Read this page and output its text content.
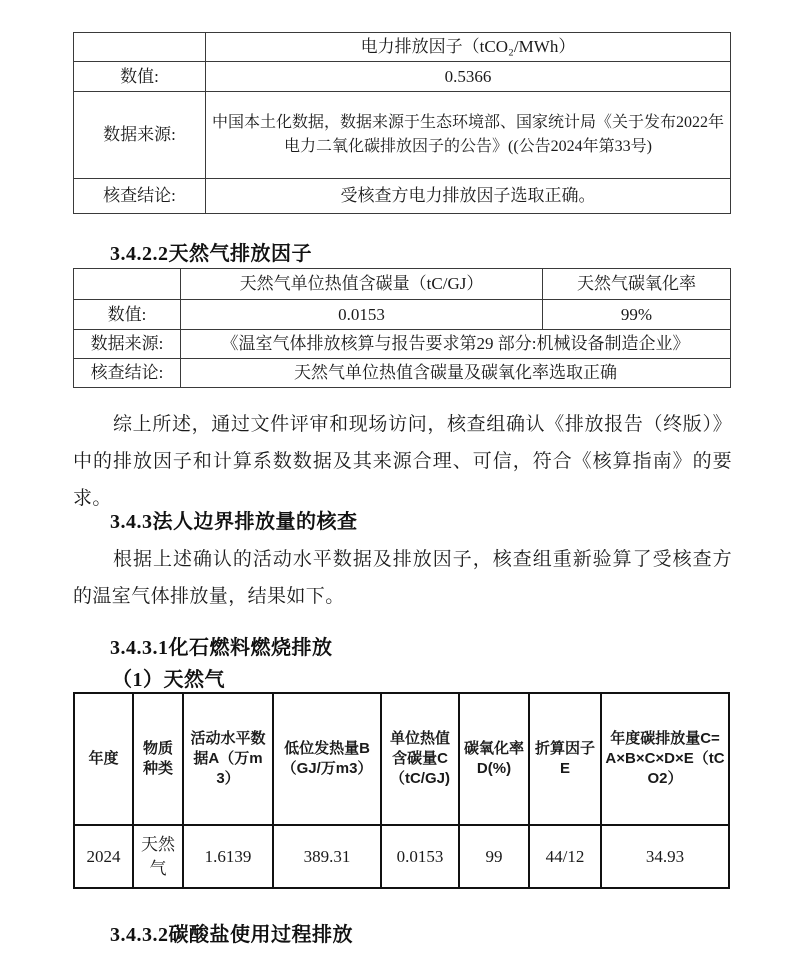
	电力排放因子（tCO₂/MWh）
数值:	0.5366
数据来源:	中国本土化数据，数据来源于生态环境部、国家统计局《关于发布2022年电力二氧化碳排放因子的公告》((公告2024年第33号)
核查结论:	受核查方电力排放因子选取正确。
3.4.2.2天然气排放因子
	天然气单位热值含碳量（tC/GJ）	天然气碳氧化率
数值:	0.0153	99%
数据来源:	《温室气体排放核算与报告要求第29 部分:机械设备制造企业》	
核查结论:	天然气单位热值含碳量及碳氧化率选取正确	
综上所述，通过文件评审和现场访问，核查组确认《排放报告（终版）》中的排放因子和计算系数数据及其来源合理、可信，符合《核算指南》的要求。
3.4.3法人边界排放量的核查
根据上述确认的活动水平数据及排放因子，核查组重新验算了受核查方的温室气体排放量，结果如下。
3.4.3.1化石燃料燃烧排放
（1）天然气
年度	物质种类	活动水平数据A（万m3）	低位发热量B（GJ/万m3）	单位热值含碳量C（tC/GJ)	碳氧化率D(%)	折算因子E	年度碳排放量C=A×B×C×D×E（tCO2）
2024	天然气	1.6139	389.31	0.0153	99	44/12	34.93
3.4.3.2碳酸盐使用过程排放
